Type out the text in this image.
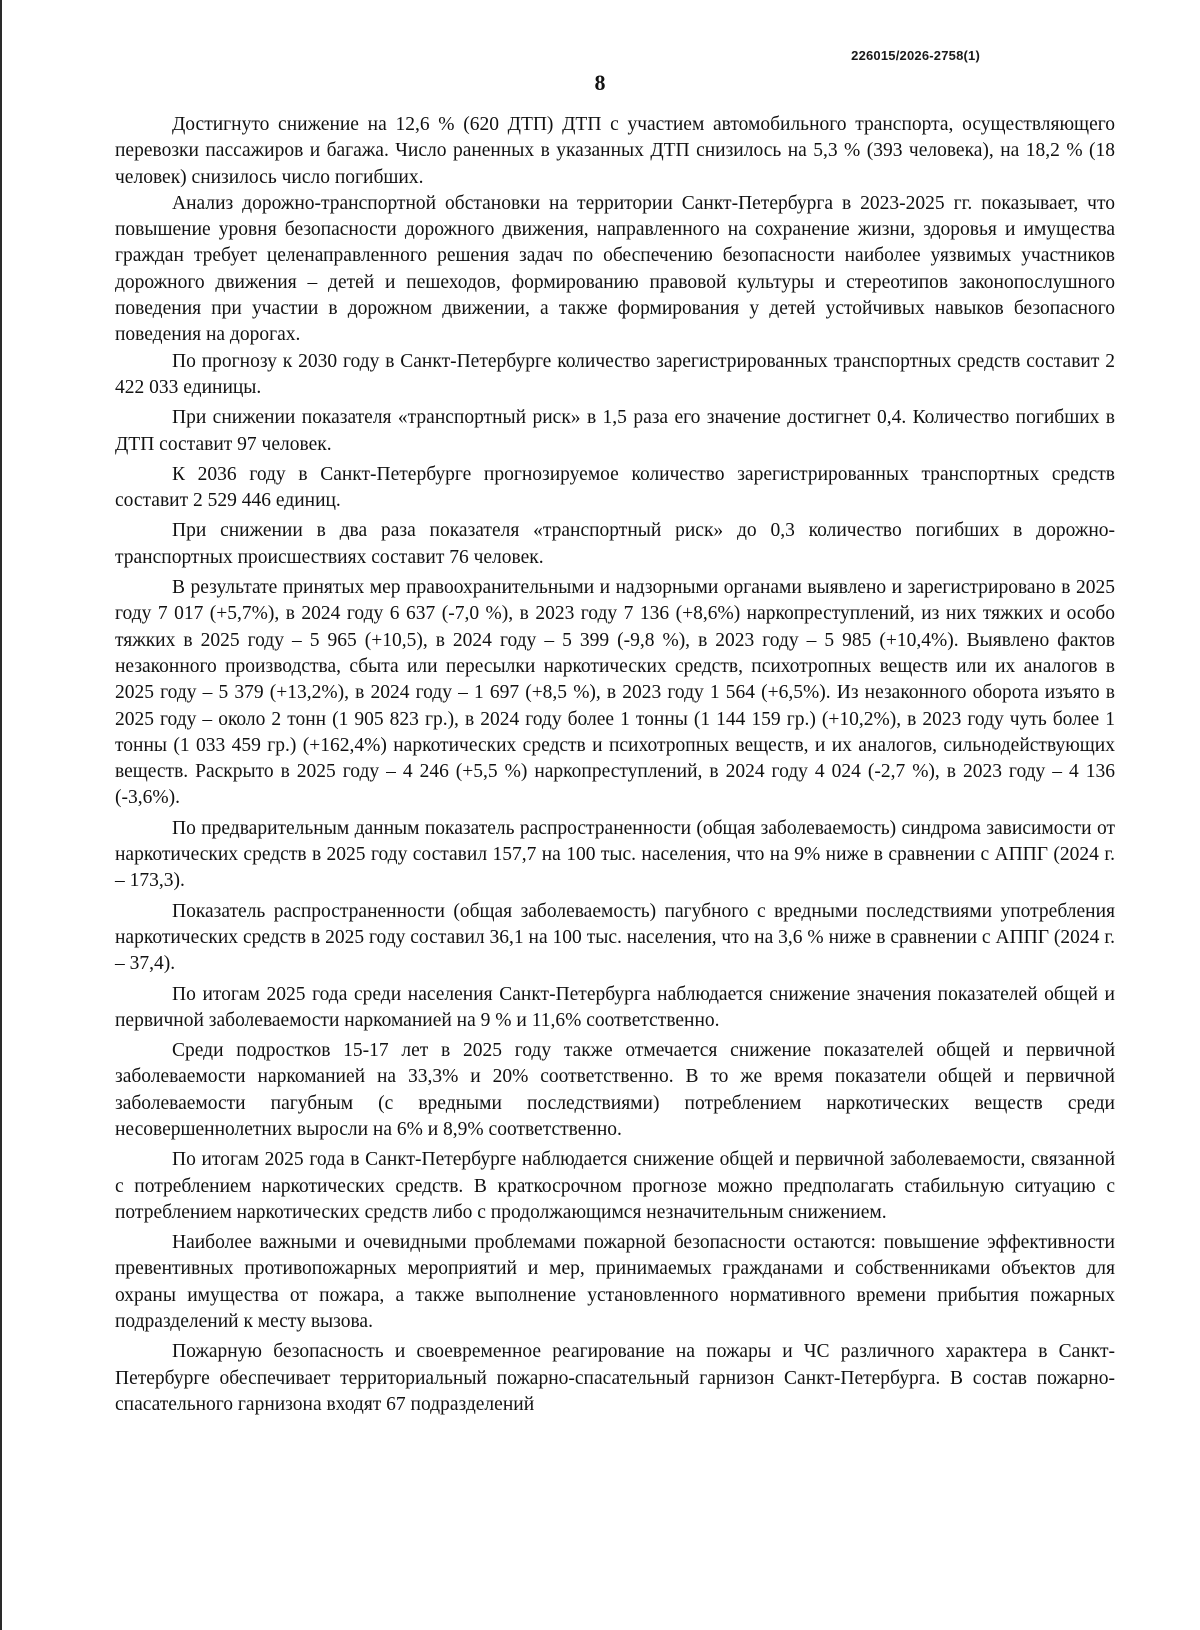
226015/2026-2758(1)
8

Достигнуто снижение на 12,6 % (620 ДТП) ДТП с участием автомобильного транспорта, осуществляющего перевозки пассажиров и багажа. Число раненных в указанных ДТП снизилось на 5,3 % (393 человека), на 18,2 % (18 человек) снизилось число погибших.

Анализ дорожно-транспортной обстановки на территории Санкт-Петербурга в 2023-2025 гг. показывает, что повышение уровня безопасности дорожного движения, направленного на сохранение жизни, здоровья и имущества граждан требует целенаправленного решения задач по обеспечению безопасности наиболее уязвимых участников дорожного движения – детей и пешеходов, формированию правовой культуры и стереотипов законопослушного поведения при участии в дорожном движении, а также формирования у детей устойчивых навыков безопасного поведения на дорогах.

По прогнозу к 2030 году в Санкт-Петербурге количество зарегистрированных транспортных средств составит 2 422 033 единицы.

При снижении показателя «транспортный риск» в 1,5 раза его значение достигнет 0,4. Количество погибших в ДТП составит 97 человек.

К 2036 году в Санкт-Петербурге прогнозируемое количество зарегистрированных транспортных средств составит 2 529 446 единиц.

При снижении в два раза показателя «транспортный риск» до 0,3 количество погибших в дорожно-транспортных происшествиях составит 76 человек.

В результате принятых мер правоохранительными и надзорными органами выявлено и зарегистрировано в 2025 году 7 017 (+5,7%), в 2024 году 6 637 (-7,0 %), в 2023 году 7 136 (+8,6%) наркопреступлений, из них тяжких и особо тяжких в 2025 году – 5 965 (+10,5), в 2024 году – 5 399 (-9,8 %), в 2023 году – 5 985 (+10,4%). Выявлено фактов незаконного производства, сбыта или пересылки наркотических средств, психотропных веществ или их аналогов в 2025 году – 5 379 (+13,2%), в 2024 году – 1 697 (+8,5 %), в 2023 году 1 564 (+6,5%). Из незаконного оборота изъято в 2025 году – около 2 тонн (1 905 823 гр.), в 2024 году более 1 тонны (1 144 159 гр.) (+10,2%), в 2023 году чуть более 1 тонны (1 033 459 гр.) (+162,4%) наркотических средств и психотропных веществ, и их аналогов, сильнодействующих веществ. Раскрыто в 2025 году – 4 246 (+5,5 %) наркопреступлений, в 2024 году 4 024 (-2,7 %), в 2023 году – 4 136 (-3,6%).

По предварительным данным показатель распространенности (общая заболеваемость) синдрома зависимости от наркотических средств в 2025 году составил 157,7 на 100 тыс. населения, что на 9% ниже в сравнении с АППГ (2024 г. – 173,3).

Показатель распространенности (общая заболеваемость) пагубного с вредными последствиями употребления наркотических средств в 2025 году составил 36,1 на 100 тыс. населения, что на 3,6 % ниже в сравнении с АППГ (2024 г. – 37,4).

По итогам 2025 года среди населения Санкт-Петербурга наблюдается снижение значения показателей общей и первичной заболеваемости наркоманией на 9 % и 11,6% соответственно.

Среди подростков 15-17 лет в 2025 году также отмечается снижение показателей общей и первичной заболеваемости наркоманией на 33,3% и 20% соответственно. В то же время показатели общей и первичной заболеваемости пагубным (с вредными последствиями) потреблением наркотических веществ среди несовершеннолетних выросли на 6% и 8,9% соответственно.

По итогам 2025 года в Санкт-Петербурге наблюдается снижение общей и первичной заболеваемости, связанной с потреблением наркотических средств. В краткосрочном прогнозе можно предполагать стабильную ситуацию с потреблением наркотических средств либо с продолжающимся незначительным снижением.

Наиболее важными и очевидными проблемами пожарной безопасности остаются: повышение эффективности превентивных противопожарных мероприятий и мер, принимаемых гражданами и собственниками объектов для охраны имущества от пожара, а также выполнение установленного нормативного времени прибытия пожарных подразделений к месту вызова.

Пожарную безопасность и своевременное реагирование на пожары и ЧС различного характера в Санкт-Петербурге обеспечивает территориальный пожарно-спасательный гарнизон Санкт-Петербурга. В состав пожарно-спасательного гарнизона входят 67 подразделений
